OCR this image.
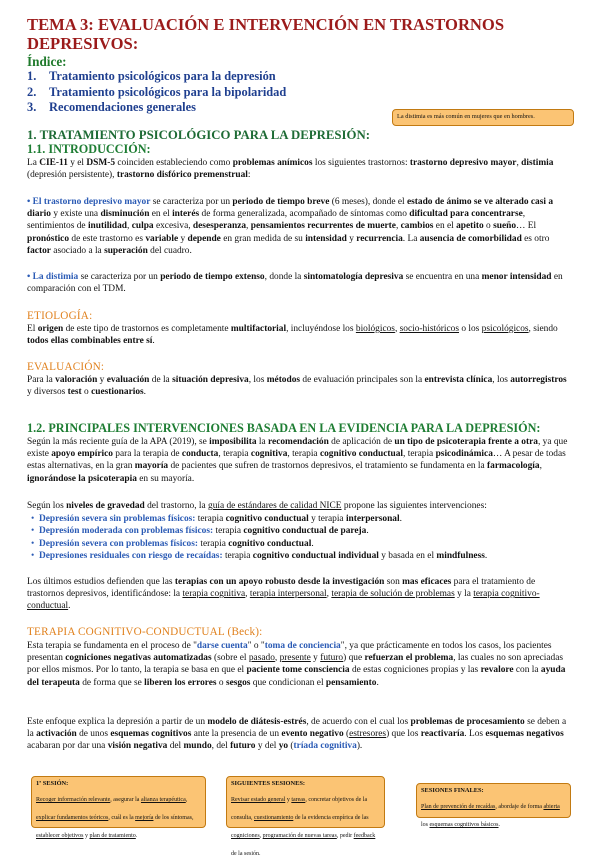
TEMA 3: EVALUACIÓN E INTERVENCIÓN EN TRASTORNOS DEPRESIVOS:
Índice:
1. Tratamiento psicológicos para la depresión
2. Tratamiento psicológicos para la bipolaridad
3. Recomendaciones generales
La distimia es más común en mujeres que en hombres.
1. TRATAMIENTO PSICOLÓGICO PARA LA DEPRESIÓN:
1.1. INTRODUCCIÓN:

La CIE-11 y el DSM-5 coinciden estableciendo como problemas anímicos los siguientes trastornos: trastorno depresivo mayor, distimia (depresión persistente), trastorno disfórico premenstrual:

• El trastorno depresivo mayor se caracteriza por un periodo de tiempo breve (6 meses), donde el estado de ánimo se ve alterado casi a diario y existe una disminución en el interés de forma generalizada, acompañado de síntomas como dificultad para concentrarse, sentimientos de inutilidad, culpa excesiva, desesperanza, pensamientos recurrentes de muerte, cambios en el apetito o sueño… El pronóstico de este trastorno es variable y depende en gran medida de su intensidad y recurrencia. La ausencia de comorbilidad es otro factor asociado a la superación del cuadro.

• La distimia se caracteriza por un periodo de tiempo extenso, donde la sintomatología depresiva se encuentra en una menor intensidad en comparación con el TDM.

ETIOLOGÍA:

El origen de este tipo de trastornos es completamente multifactorial, incluyéndose los biológicos, socio-históricos o los psicológicos, siendo todos ellas combinables entre sí.

EVALUACIÓN:

Para la valoración y evaluación de la situación depresiva, los métodos de evaluación principales son la entrevista clínica, los autorregistros y diversos test o cuestionarios.

1.2. PRINCIPALES INTERVENCIONES BASADA EN LA EVIDENCIA PARA LA DEPRESIÓN:

Según la más reciente guía de la APA (2019), se imposibilita la recomendación de aplicación de un tipo de psicoterapia frente a otra, ya que existe apoyo empírico para la terapia de conducta, terapia cognitiva, terapia cognitivo conductual, terapia psicodinámica… A pesar de todas estas alternativas, en la gran mayoría de pacientes que sufren de trastornos depresivos, el tratamiento se fundamenta en la farmacología, ignorándose la psicoterapia en su mayoría.

Según los niveles de gravedad del trastorno, la guía de estándares de calidad NICE propone las siguientes intervenciones:

• Depresión severa sin problemas físicos: terapia cognitivo conductual y terapia interpersonal.
• Depresión moderada con problemas físicos: terapia cognitivo conductual de pareja.
• Depresión severa con problemas físicos: terapia cognitivo conductual.
• Depresiones residuales con riesgo de recaídas: terapia cognitivo conductual individual y basada en el mindfulness.

Los últimos estudios defienden que las terapias con un apoyo robusto desde la investigación son mas eficaces para el tratamiento de trastornos depresivos, identificándose: la terapia cognitiva, terapia interpersonal, terapia de solución de problemas y la terapia cognitivo-conductual.

TERAPIA COGNITIVO-CONDUCTUAL (Beck):

Esta terapia se fundamenta en el proceso de "darse cuenta" o "toma de conciencia", ya que prácticamente en todos los casos, los pacientes presentan cogniciones negativas automatizadas (sobre el pasado, presente y futuro) que refuerzan el problema, las cuales no son apreciadas por ellos mismos. Por lo tanto, la terapia se basa en que el paciente tome consciencia de estas cogniciones propias y las revalore con la ayuda del terapeuta de forma que se liberen los errores o sesgos que condicionan el pensamiento.

Este enfoque explica la depresión a partir de un modelo de diátesis-estrés, de acuerdo con el cual los problemas de procesamiento se deben a la activación de unos esquemas cognitivos ante la presencia de un evento negativo (estresores) que los reactivaría. Los esquemas negativos acabaran por dar una visión negativa del mundo, del futuro y del yo (tríada cognitiva).

1ª SESIÓN:
Recoger información relevante, asegurar la alianza terapéutica, explicar fundamentos teóricos, cuál es la mejoría de los síntomas, establecer objetivos y plan de tratamiento.
SIGUIENTES SESIONES:
Revisar estado general y tareas, concretar objetivos de la consulta, cuestionamiento de la evidencia empírica de las cogniciones, programación de nuevas tareas, pedir feedback de la sesión.
SESIONES FINALES:
Plan de prevención de recaídas, abordaje de forma abierta los esquemas cognitivos básicos.
